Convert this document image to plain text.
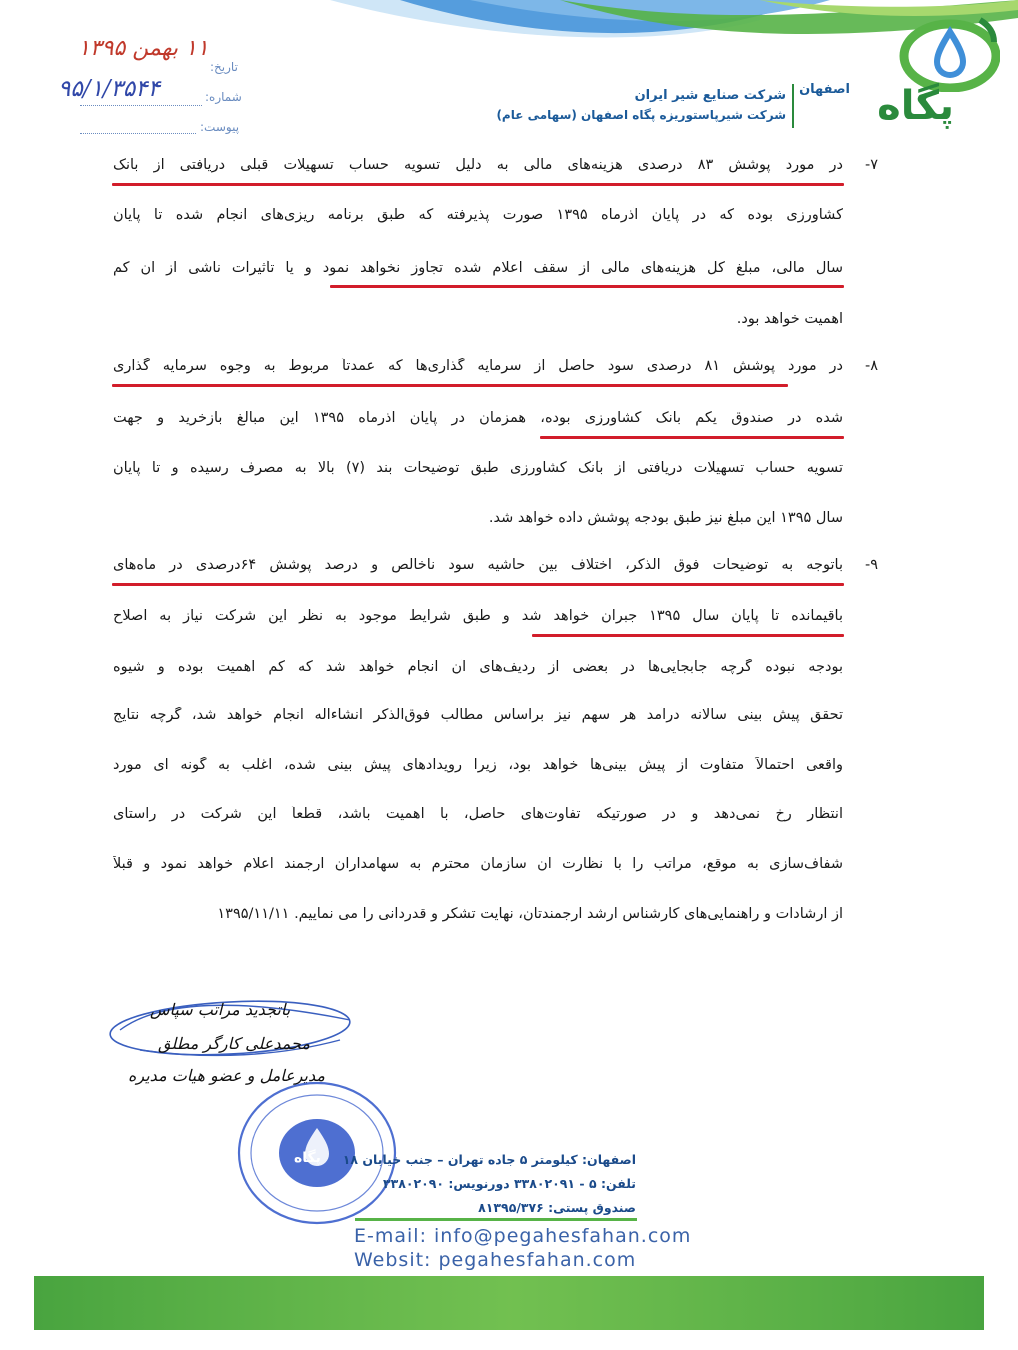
پگاه
اصفهان
شرکت صنایع شیر ایران
شرکت شیرپاستوریزه پگاه اصفهان (سهامی عام)
تاریخ:
۱۱ بهمن ۱۳۹۵
شماره:
۹۵/۱/۳۵۴۴
پیوست:
۷-
در مورد پوشش ۸۳ درصدی هزینه‌های مالی به دلیل تسویه حساب تسهیلات قبلی دریافتی از بانک
کشاورزی بوده که در پایان آذرماه ۱۳۹۵ صورت پذیرفته که طبق برنامه ریزی‌های انجام شده تا پایان
سال مالی، مبلغ کل هزینه‌های مالی از سقف اعلام شده تجاوز نخواهد نمود و یا تأثیرات ناشی از آن کم
اهمیت خواهد بود.
۸-
در مورد پوشش ۸۱ درصدی سود حاصل از سرمایه گذاری‌ها که عمدتاً مربوط به وجوه سرمایه گذاری
شده در صندوق یکم بانک کشاورزی بوده، همزمان در پایان آذرماه ۱۳۹۵ این مبالغ بازخرید و جهت
تسویه حساب تسهیلات دریافتی از بانک کشاورزی طبق توضیحات بند (۷) بالا به مصرف رسیده و تا پایان
سال ۱۳۹۵ این مبلغ نیز طبق بودجه پوشش داده خواهد شد.
۹-
باتوجه به توضیحات فوق الذکر، اختلاف بین حاشیه سود ناخالص و درصد پوشش ۶۴درصدی در ماه‌های
باقیمانده تا پایان سال ۱۳۹۵ جبران خواهد شد و طبق شرایط موجود به نظر این شرکت نیاز به اصلاح
بودجه نبوده گرچه جابجایی‌ها در بعضی از ردیف‌های آن انجام خواهد شد که کم اهمیت بوده و شیوه
تحقق پیش بینی سالانه درآمد هر سهم نیز براساس مطالب فوق‌الذکر انشاءاله انجام خواهد شد، گرچه نتایج
واقعی احتمالاً متفاوت از پیش بینی‌ها خواهد بود، زیرا رویدادهای پیش بینی شده، اغلب به گونه ای مورد
انتظار رخ نمی‌دهد و در صورتیکه تفاوت‌های حاصل، با اهمیت باشد، قطعاً این شرکت در راستای
شفاف‌سازی به موقع، مراتب را با نظارت آن سازمان محترم به سهامداران ارجمند اعلام خواهد نمود و قبلاً
از ارشادات و راهنمایی‌های کارشناس ارشد ارجمندتان، نهایت تشکر و قدردانی را می نماییم. ۱۳۹۵/۱۱/۱۱
باتجدید مراتب سپاس
محمدعلی کارگر مطلق
مدیرعامل و عضو هیات مدیره
پگاه اصفهان: کیلومتر ۵ جاده تهران – جنب خیابان ۱۸
تلفن: ۵ - ۳۳۸۰۲۰۹۱ دورنویس: ۳۳۸۰۲۰۹۰
صندوق پستی: ۸۱۳۹۵/۳۷۶
E-mail: info@pegahesfahan.com
Websit: pegahesfahan.com
